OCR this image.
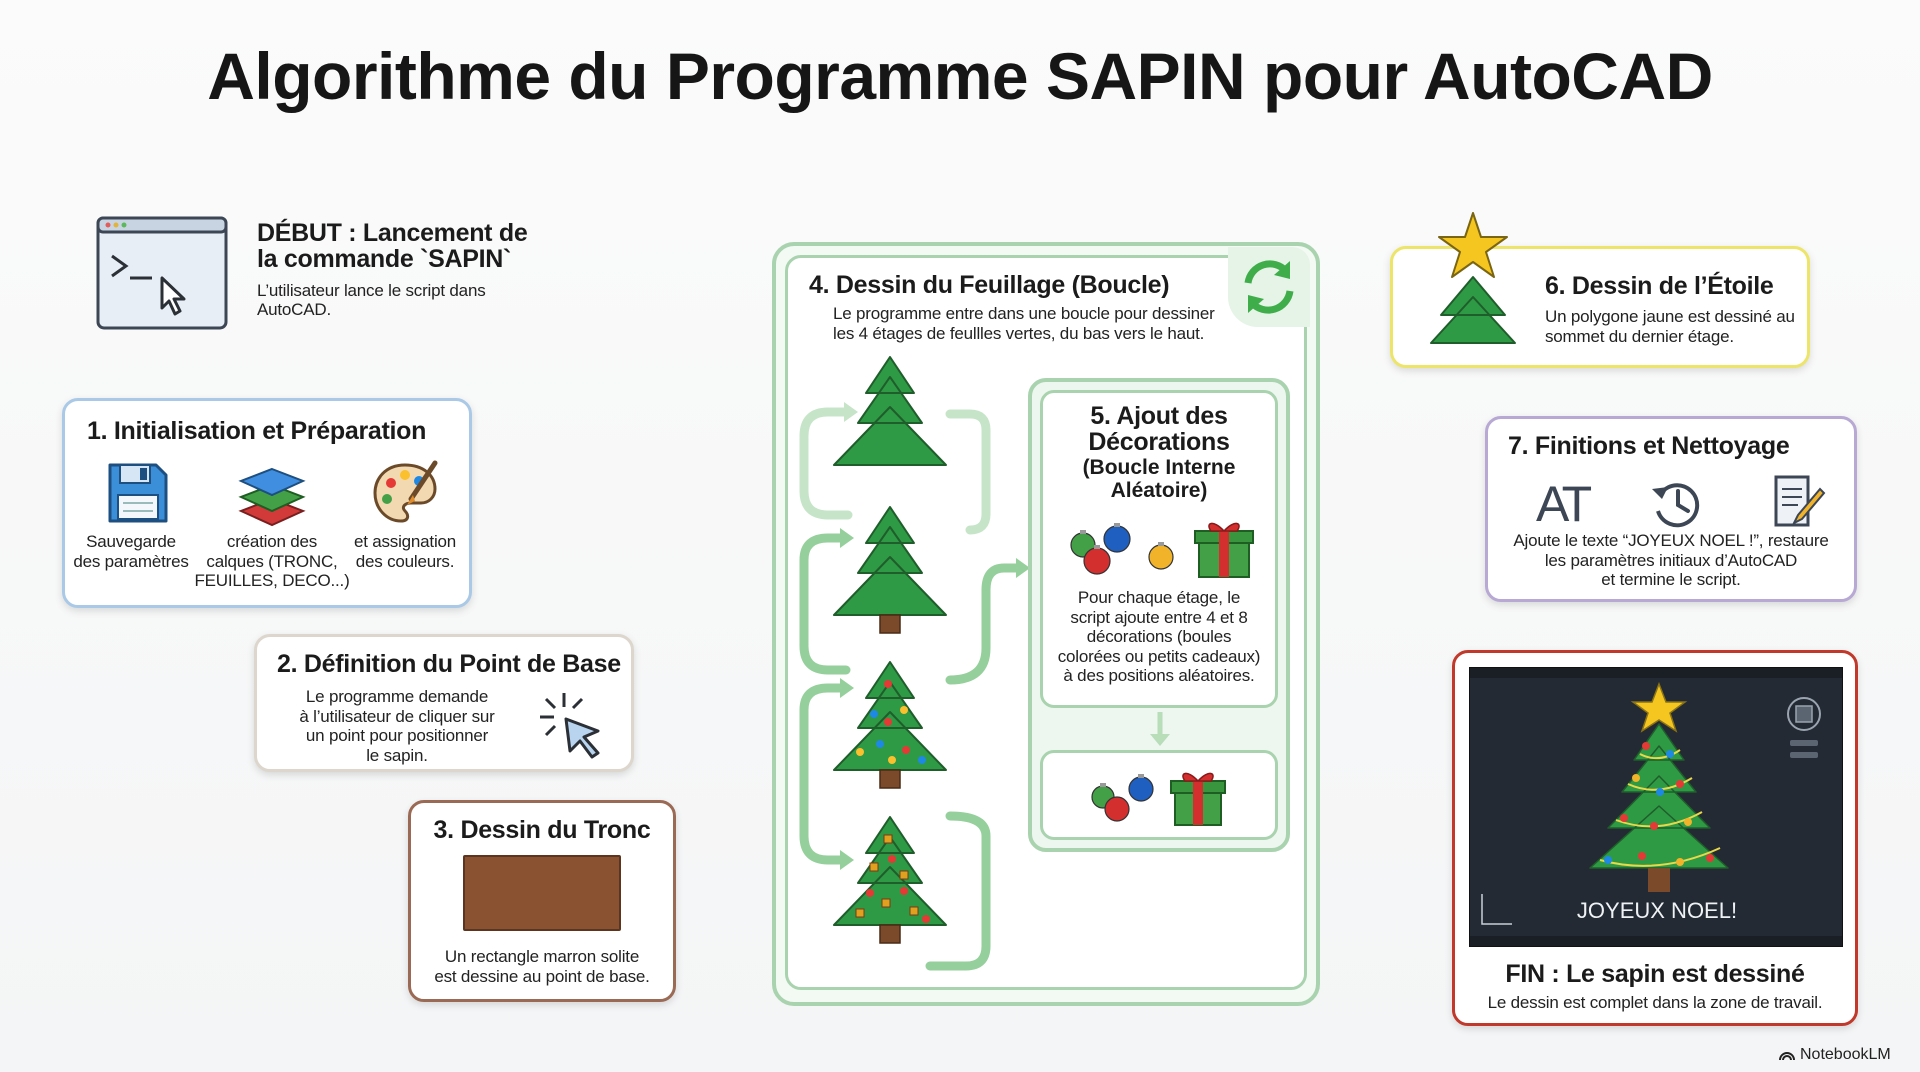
Algorithme du Programme SAPIN pour AutoCAD
DÉBUT : Lancement de
la commande `SAPIN`
L’utilisateur lance le script dans
AutoCAD.
1. Initialisation et Préparation
Sauvegarde
des paramètres
création des
calques (TRONC,
FEUILLES, DECO...)
et assignation
des couleurs.
2. Définition du Point de Base
Le programme demande
à l’utilisateur de cliquer sur
un point pour positionner
le sapin.
3. Dessin du Tronc
Un rectangle marron solite
est dessine au point de base.
4. Dessin du Feuillage (Boucle)
Le programme entre dans une boucle pour dessiner
les 4 étages de feullles vertes, du bas vers le haut.
5. Ajout des
Décorations
(Boucle Interne
Aléatoire)
Pour chaque étage, le
script ajoute entre 4 et 8
décorations (boules
colorées ou petits cadeaux)
à des positions aléatoires.
6. Dessin de l’Étoile
Un polygone jaune est dessiné au
sommet du dernier étage.
7. Finitions et Nettoyage
AT
Ajoute le texte “JOYEUX NOEL !”, restaure
les paramètres initiaux d’AutoCAD
et termine le script.
JOYEUX NOEL!
FIN : Le sapin est dessiné
Le dessin est complet dans la zone de travail.
NotebookLM
